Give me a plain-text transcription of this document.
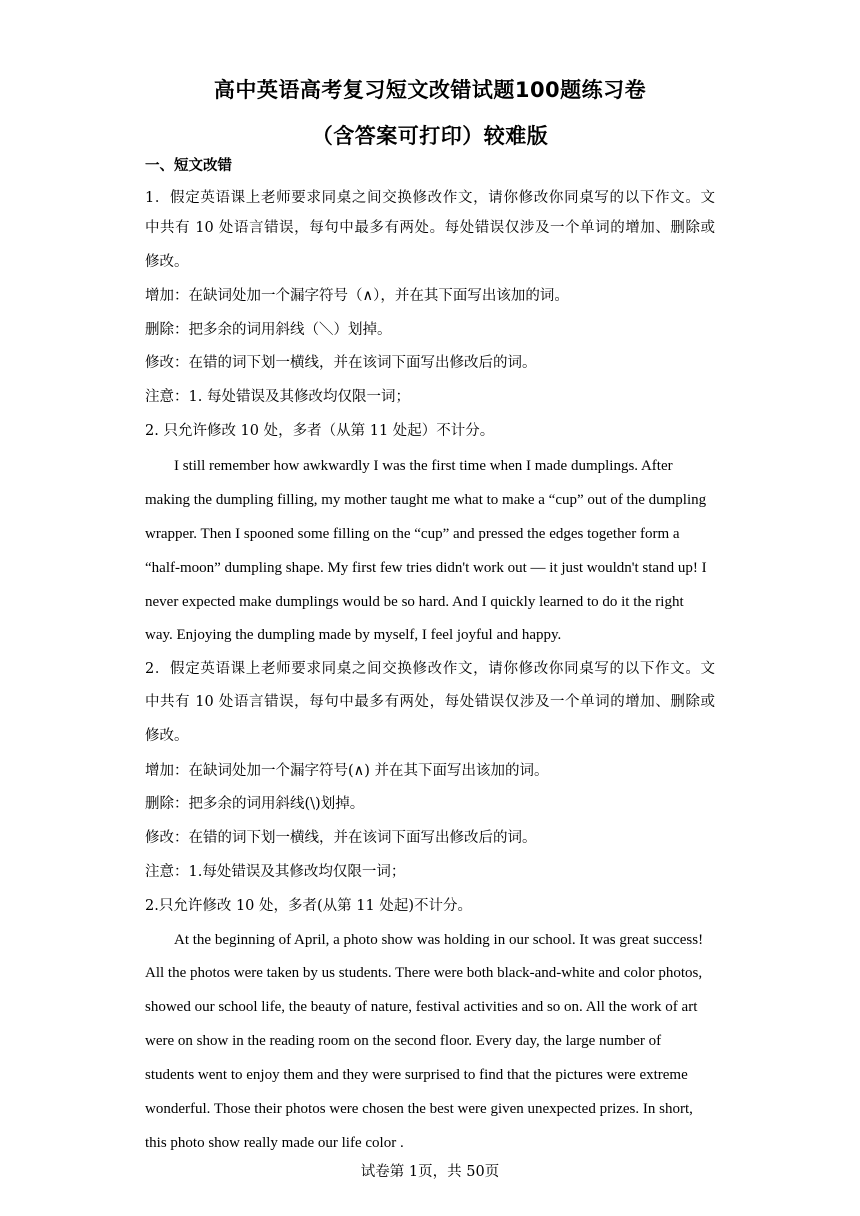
高中英语高考复习短文改错试题100题练习卷
（含答案可打印）较难版
一、短文改错
1．假定英语课上老师要求同桌之间交换修改作文，请你修改你同桌写的以下作文。文
中共有 10 处语言错误，每句中最多有两处。每处错误仅涉及一个单词的增加、删除或
修改。
增加：在缺词处加一个漏字符号（∧），并在其下面写出该加的词。
删除：把多余的词用斜线（＼）划掉。
修改：在错的词下划一横线，并在该词下面写出修改后的词。
注意：1. 每处错误及其修改均仅限一词；
2. 只允许修改 10 处，多者（从第 11 处起）不计分。
I still remember how awkwardly I was the first time when I made dumplings. After
making the dumpling filling, my mother taught me what to make a “cup” out of the dumpling
wrapper. Then I spooned some filling on the “cup” and pressed the edges together form a
“half-moon” dumpling shape. My first few tries didn't work out — it just wouldn't stand up! I
never expected make dumplings would be so hard. And I quickly learned to do it the right
way. Enjoying the dumpling made by myself, I feel joyful and happy.
2．假定英语课上老师要求同桌之间交换修改作文，请你修改你同桌写的以下作文。文
中共有 10 处语言错误，每句中最多有两处，每处错误仅涉及一个单词的增加、删除或
修改。
增加：在缺词处加一个漏字符号(∧) 并在其下面写出该加的词。
删除：把多余的词用斜线(\)划掉。
修改：在错的词下划一横线，并在该词下面写出修改后的词。
注意：1.每处错误及其修改均仅限一词；
2.只允许修改 10 处，多者(从第 11 处起)不计分。
At the beginning of April, a photo show was holding in our school. It was great success!
All the photos were taken by us students. There were both black-and-white and color photos,
showed our school life, the beauty of nature, festival activities and so on. All the work of art
were on show in the reading room on the second floor. Every day, the large number of
students went to enjoy them and they were surprised to find that the pictures were extreme
wonderful. Those their photos were chosen the best were given unexpected prizes. In short,
this photo show really made our life color .
试卷第 1页，共 50页
